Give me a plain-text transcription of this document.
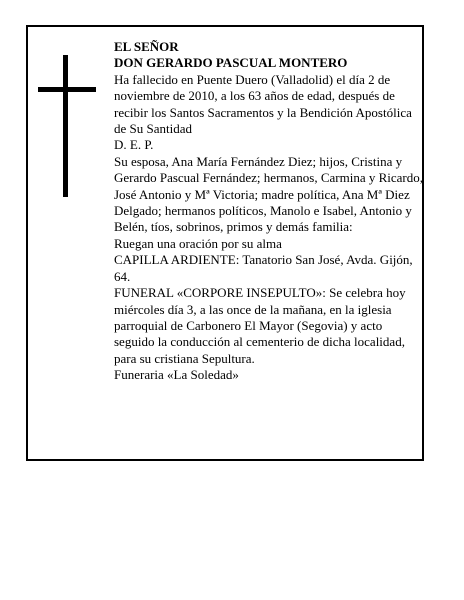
EL SEÑOR

DON GERARDO PASCUAL MONTERO

Ha fallecido en Puente Duero (Valladolid) el día 2 de noviembre de 2010, a los 63 años de edad, después de recibir los Santos Sacramentos y la Bendición Apostólica de Su Santidad

D. E. P.

Su esposa, Ana María Fernández Diez; hijos, Cristina y Gerardo Pascual Fernández; hermanos, Carmina y Ricardo, José Antonio y Mª Victoria; madre política, Ana Mª Diez Delgado; hermanos políticos, Manolo e Isabel, Antonio y Belén, tíos, sobrinos, primos y demás familia:

Ruegan una oración por su alma

CAPILLA ARDIENTE: Tanatorio San José, Avda. Gijón, 64.

FUNERAL «CORPORE INSEPULTO»: Se celebra hoy miércoles día 3, a las once de la mañana, en la iglesia parroquial de Carbonero El Mayor (Segovia) y acto seguido la conducción al cementerio de dicha localidad, para su cristiana Sepultura.

Funeraria «La Soledad»
